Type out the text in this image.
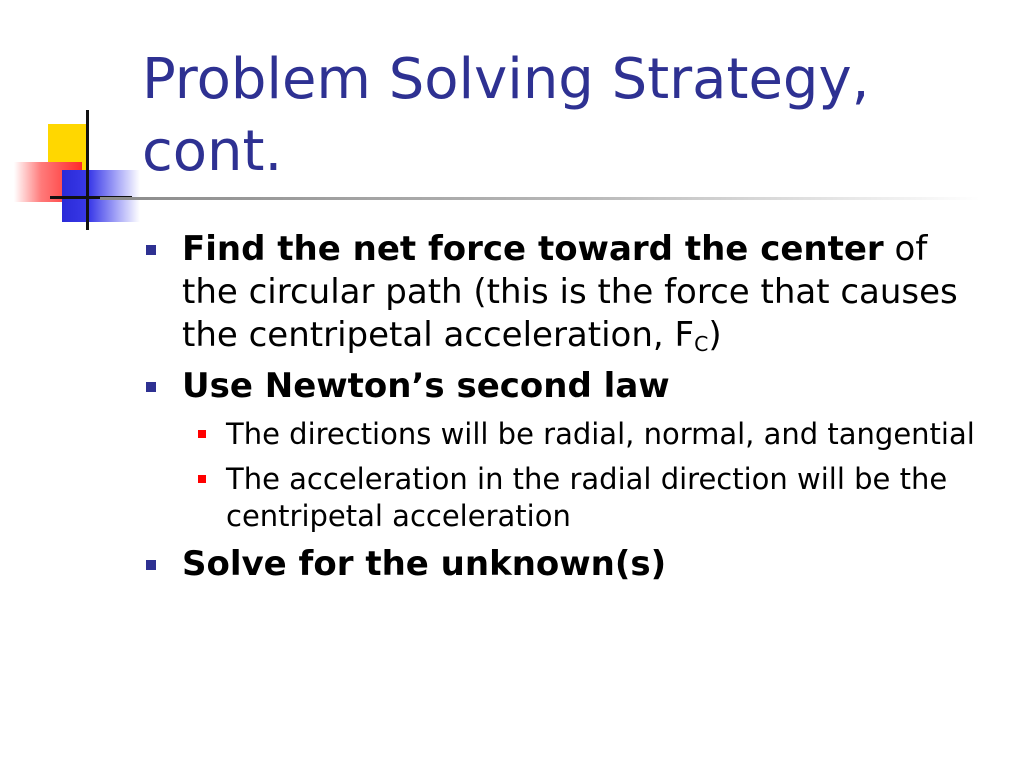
Problem Solving Strategy, cont.
Find the net force toward the center of the circular path (this is the force that causes the centripetal acceleration, $F_C$)
Use Newton’s second law
The directions will be radial, normal, and tangential
The acceleration in the radial direction will be the centripetal acceleration
Solve for the unknown(s)
